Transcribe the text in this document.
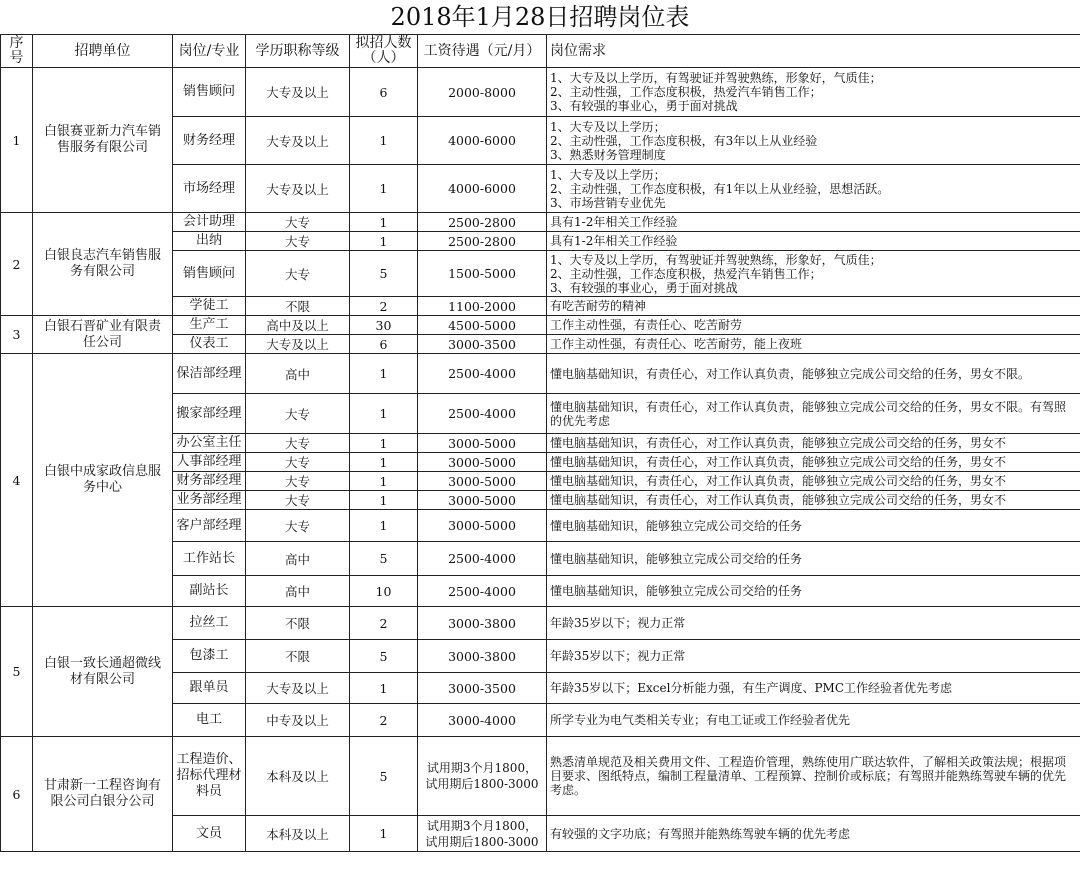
2018年1月28日招聘岗位表
序号	招聘单位	岗位/专业	学历职称等级	拟招人数（人）	工资待遇（元/月）	岗位需求
1	白银赛亚新力汽车销售服务有限公司	销售顾问	大专及以上	6	2000-8000	1、大专及以上学历，有驾驶证并驾驶熟练，形象好，气质佳；
2、主动性强，工作态度积极，热爱汽车销售工作；
3、有较强的事业心，勇于面对挑战

		财务经理	大专及以上	1	4000-6000	1、大专及以上学历；
2、主动性强，工作态度积极，有3年以上从业经验
3、熟悉财务管理制度

		市场经理	大专及以上	1	4000-6000	1、大专及以上学历；
2、主动性强，工作态度积极，有1年以上从业经验，思想活跃。
3、市场营销专业优先

2	白银良志汽车销售服务有限公司	会计助理	大专	1	2500-2800	具有1-2年相关工作经验

		出纳	大专	1	2500-2800	具有1-2年相关工作经验

		销售顾问	大专	5	1500-5000	1、大专及以上学历，有驾驶证并驾驶熟练，形象好，气质佳；
2、主动性强，工作态度积极，热爱汽车销售工作；
3、有较强的事业心，勇于面对挑战

		学徒工	不限	2	1100-2000	有吃苦耐劳的精神

3	白银石晋矿业有限责任公司	生产工	高中及以上	30	4500-5000	工作主动性强，有责任心、吃苦耐劳

		仪表工	大专及以上	6	3000-3500	工作主动性强，有责任心、吃苦耐劳，能上夜班

4	白银中成家政信息服务中心	保洁部经理	高中	1	2500-4000	懂电脑基础知识，有责任心，对工作认真负责，能够独立完成公司交给的任务，男女不限。

		搬家部经理	大专	1	2500-4000	懂电脑基础知识，有责任心，对工作认真负责，能够独立完成公司交给的任务，男女不限。有驾照的优先考虑

		办公室主任	大专	1	3000-5000	懂电脑基础知识，有责任心，对工作认真负责，能够独立完成公司交给的任务，男女不

		人事部经理	大专	1	3000-5000	懂电脑基础知识，有责任心，对工作认真负责，能够独立完成公司交给的任务，男女不

		财务部经理	大专	1	3000-5000	懂电脑基础知识，有责任心，对工作认真负责，能够独立完成公司交给的任务，男女不

		业务部经理	大专	1	3000-5000	懂电脑基础知识，有责任心，对工作认真负责，能够独立完成公司交给的任务，男女不

		客户部经理	大专	1	3000-5000	懂电脑基础知识，能够独立完成公司交给的任务

		工作站长	高中	5	2500-4000	懂电脑基础知识，能够独立完成公司交给的任务

		副站长	高中	10	2500-4000	懂电脑基础知识，能够独立完成公司交给的任务

5	白银一致长通超微线材有限公司	拉丝工	不限	2	3000-3800	年龄35岁以下；视力正常

		包漆工	不限	5	3000-3800	年龄35岁以下；视力正常

		跟单员	大专及以上	1	3000-3500	年龄35岁以下；Excel分析能力强，有生产调度、PMC工作经验者优先考虑

		电工	中专及以上	2	3000-4000	所学专业为电气类相关专业；有电工证或工作经验者优先

6	甘肃新一工程咨询有限公司白银分公司	工程造价、招标代理材料员	本科及以上	5	试用期3个月1800，试用期后1800-3000	熟悉清单规范及相关费用文件、工程造价管理，熟练使用广联达软件，了解相关政策法规；根据项目要求、图纸特点，编制工程量清单、工程预算、控制价或标底；有驾照并能熟练驾驶车辆的优先考虑。

		文员	本科及以上	1	试用期3个月1800，试用期后1800-3000	有较强的文字功底；有驾照并能熟练驾驶车辆的优先考虑
